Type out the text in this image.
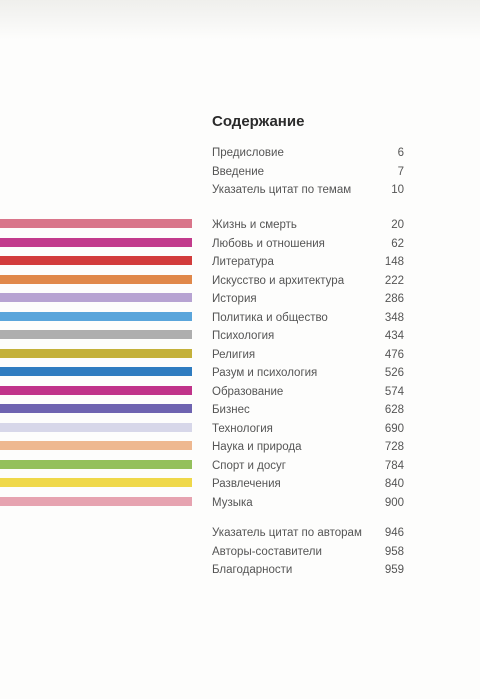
Содержание
Предисловие	6
Введение	7
Указатель цитат по темам	10
Жизнь и смерть	20
Любовь и отношения	62
Литература	148
Искусство и архитектура	222
История	286
Политика и общество	348
Психология	434
Религия	476
Разум и психология	526
Образование	574
Бизнес	628
Технология	690
Наука и природа	728
Спорт и досуг	784
Развлечения	840
Музыка	900
Указатель цитат по авторам 946
Авторы-составители	958
Благодарности	959
